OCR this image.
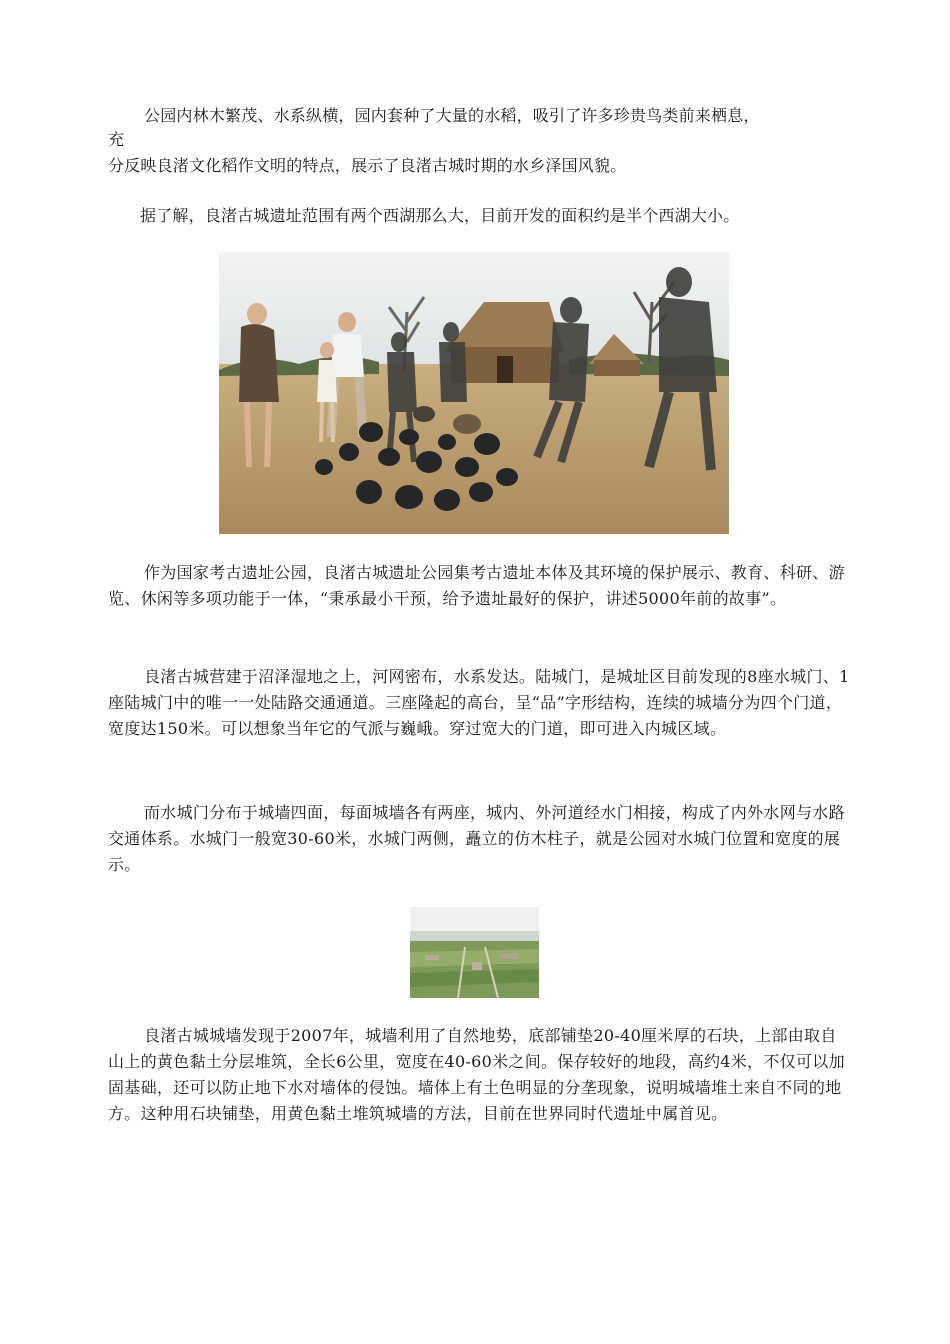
公园内林木繁茂、水系纵横，园内套种了大量的水稻，吸引了许多珍贵鸟类前来栖息，
充
分反映良渚文化稻作文明的特点，展示了良渚古城时期的水乡泽国风貌。
据了解，良渚古城遗址范围有两个西湖那么大，目前开发的面积约是半个西湖大小。
作为国家考古遗址公园，良渚古城遗址公园集考古遗址本体及其环境的保护展示、教育、科研、游览、休闲等多项功能于一体，“秉承最小干预，给予遗址最好的保护，讲述5000年前的故事”。
良渚古城营建于沼泽湿地之上，河网密布，水系发达。陆城门，是城址区目前发现的8座水城门、1座陆城门中的唯一一处陆路交通通道。三座隆起的高台，呈“品”字形结构，连续的城墙分为四个门道，宽度达150米。可以想象当年它的气派与巍峨。穿过宽大的门道，即可进入内城区域。
而水城门分布于城墙四面，每面城墙各有两座，城内、外河道经水门相接，构成了内外水网与水路交通体系。水城门一般宽30-60米，水城门两侧，矗立的仿木柱子，就是公园对水城门位置和宽度的展示。
良渚古城城墙发现于2007年，城墙利用了自然地势，底部铺垫20-40厘米厚的石块，上部由取自山上的黄色黏土分层堆筑，全长6公里，宽度在40-60米之间。保存较好的地段，高约4米，不仅可以加固基础，还可以防止地下水对墙体的侵蚀。墙体上有土色明显的分垄现象，说明城墙堆土来自不同的地方。这种用石块铺垫，用黄色黏土堆筑城墙的方法，目前在世界同时代遗址中属首见。
